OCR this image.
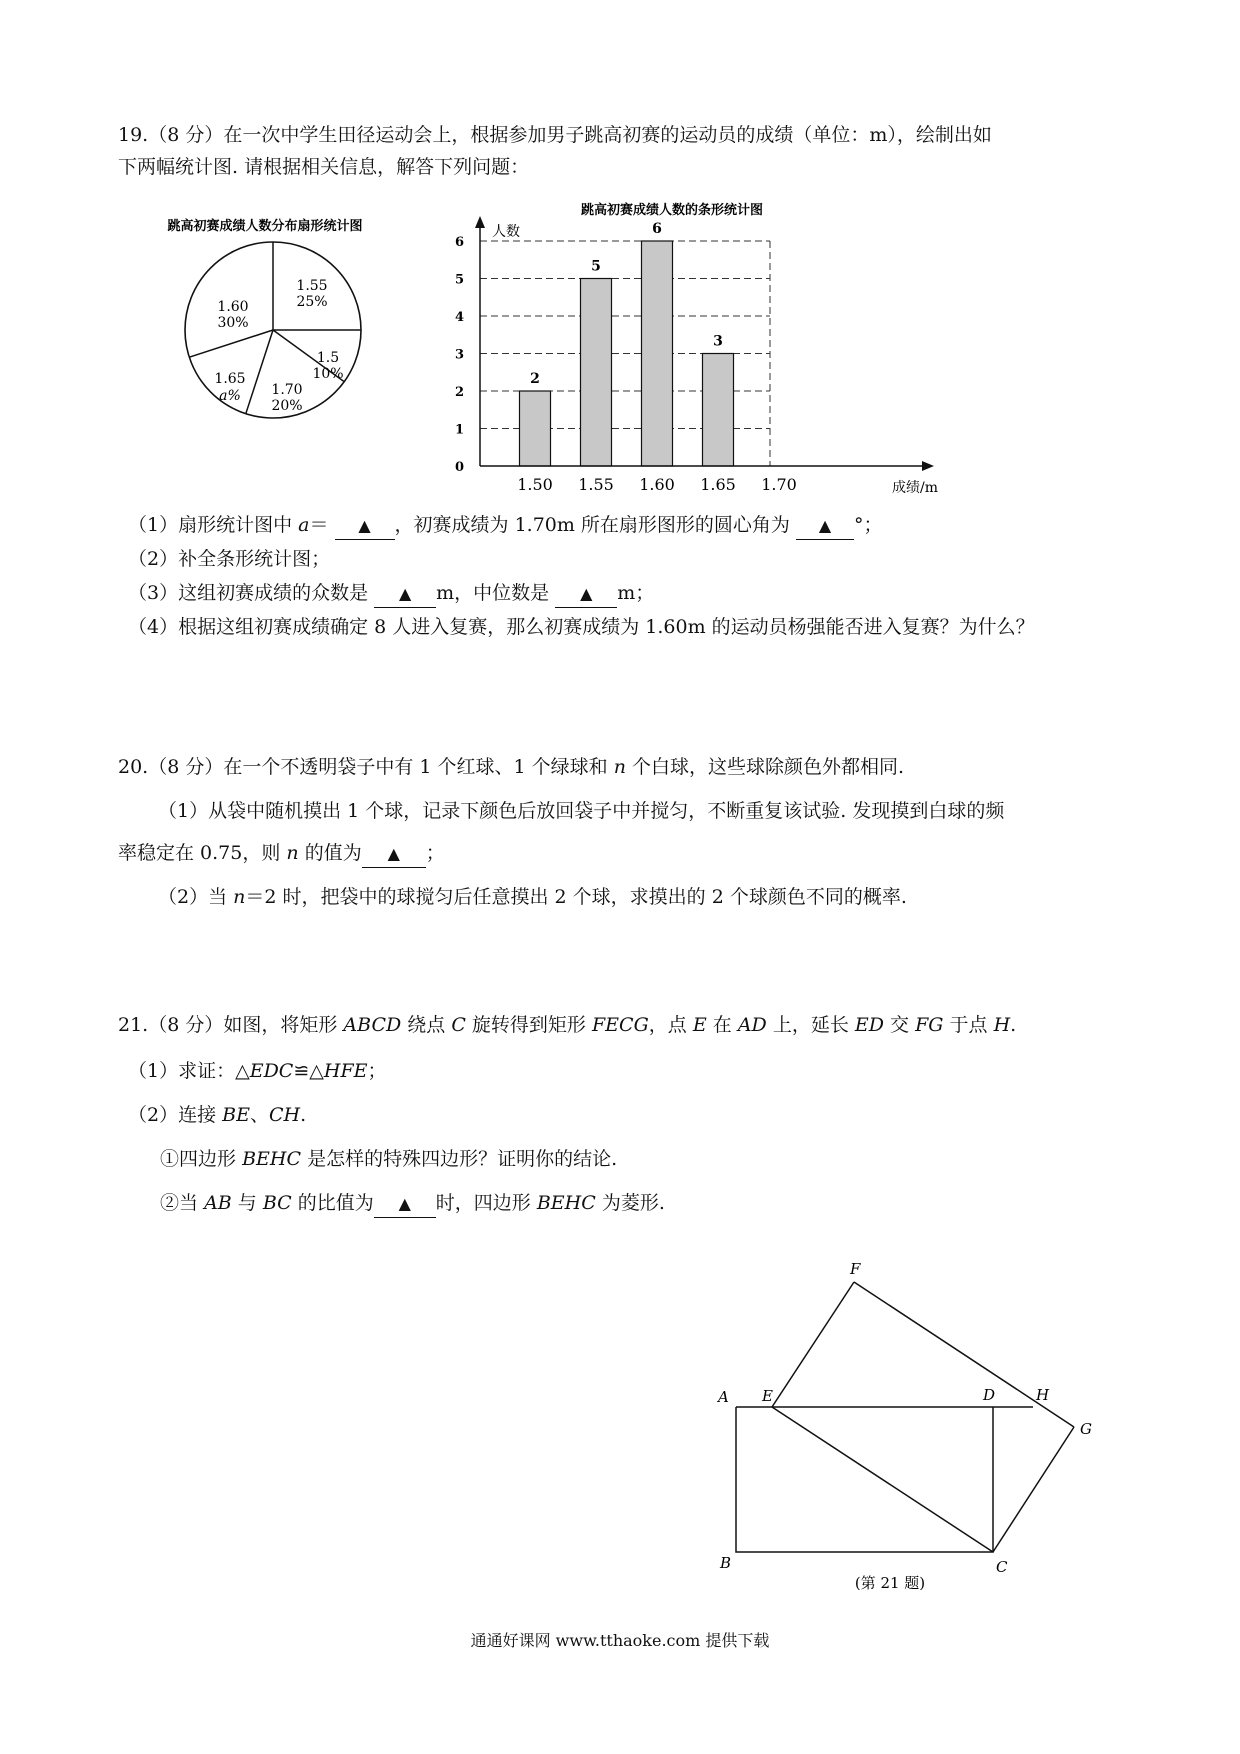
19.（8 分）在一次中学生田径运动会上，根据参加男子跳高初赛的运动员的成绩（单位：m），绘制出如
下两幅统计图. 请根据相关信息，解答下列问题：
跳高初赛成绩人数分布扇形统计图
1.55
25%
1.5
10%
1.70
20%
1.65
a%
1.60
30%
跳高初赛成绩人数的条形统计图
0
1
2
3
4
5
6
2
5
6
3
1.50 1.55 1.60 1.65 1.70
人数
成绩/m
（1）扇形统计图中 a＝ ▲ ，初赛成绩为 1.70m 所在扇形图形的圆心角为 ▲ °；
（2）补全条形统计图；
（3）这组初赛成绩的众数是 ▲ m，中位数是 ▲ m；
（4）根据这组初赛成绩确定 8 人进入复赛，那么初赛成绩为 1.60m 的运动员杨强能否进入复赛？为什么？
20.（8 分）在一个不透明袋子中有 1 个红球、1 个绿球和 n 个白球，这些球除颜色外都相同.
（1）从袋中随机摸出 1 个球，记录下颜色后放回袋子中并搅匀，不断重复该试验. 发现摸到白球的频
率稳定在 0.75，则 n 的值为 ▲ ；
（2）当 n＝2 时，把袋中的球搅匀后任意摸出 2 个球，求摸出的 2 个球颜色不同的概率.
21.（8 分）如图，将矩形 ABCD 绕点 C 旋转得到矩形 FECG，点 E 在 AD 上，延长 ED 交 FG 于点 H.
（1）求证：△EDC≌△HFE；
（2）连接 BE、CH.
①四边形 BEHC 是怎样的特殊四边形？证明你的结论.
②当 AB 与 BC 的比值为 ▲ 时，四边形 BEHC 为菱形.
A E	D	H
F
G
B	C
(第 21 题)
通通好课网 www.tthaoke.com 提供下载
